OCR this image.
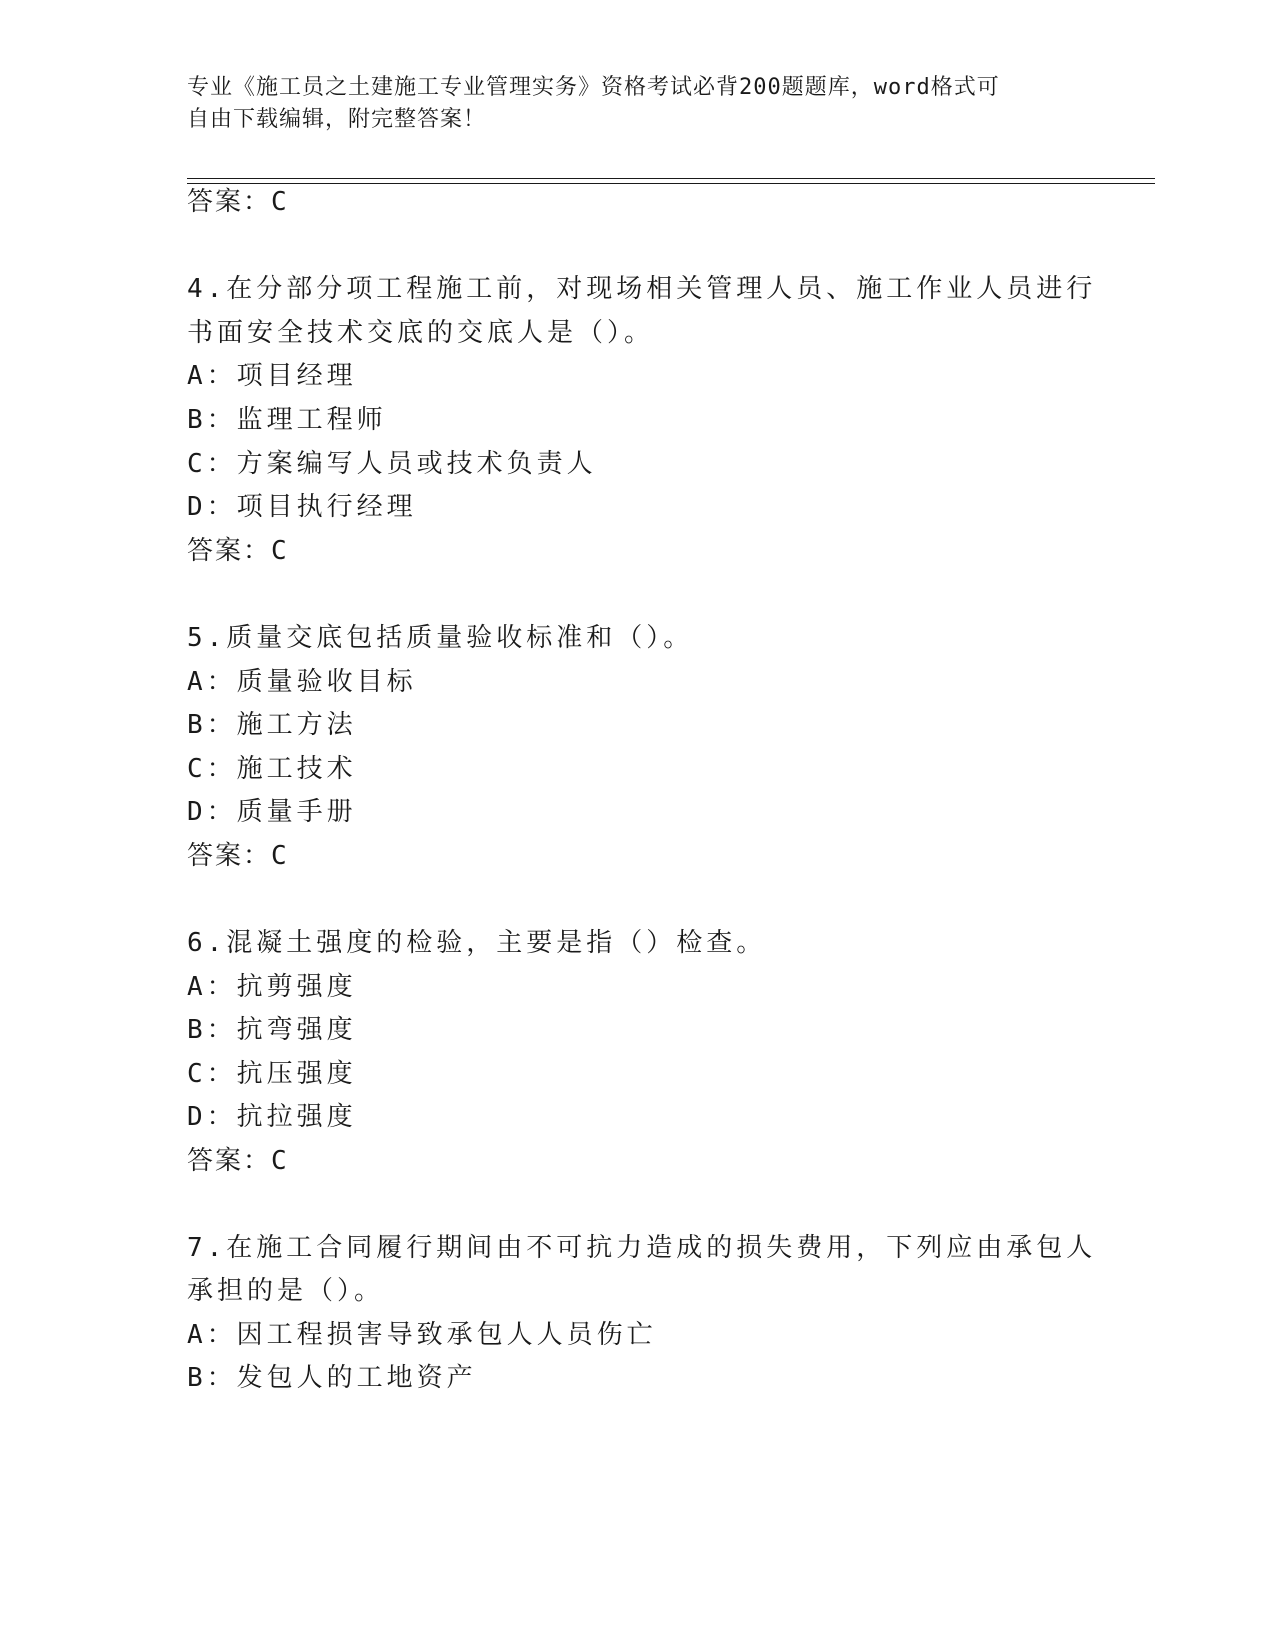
专业《施工员之土建施工专业管理实务》资格考试必背200题题库，word格式可
自由下载编辑，附完整答案！
答案：C
4.在分部分项工程施工前，对现场相关管理人员、施工作业人员进行
书面安全技术交底的交底人是（）。
A：项目经理
B：监理工程师
C：方案编写人员或技术负责人
D：项目执行经理
答案：C
5.质量交底包括质量验收标准和（）。
A：质量验收目标
B：施工方法
C：施工技术
D：质量手册
答案：C
6.混凝土强度的检验，主要是指（）检查。
A：抗剪强度
B：抗弯强度
C：抗压强度
D：抗拉强度
答案：C
7.在施工合同履行期间由不可抗力造成的损失费用，下列应由承包人
承担的是（）。
A：因工程损害导致承包人人员伤亡
B：发包人的工地资产
